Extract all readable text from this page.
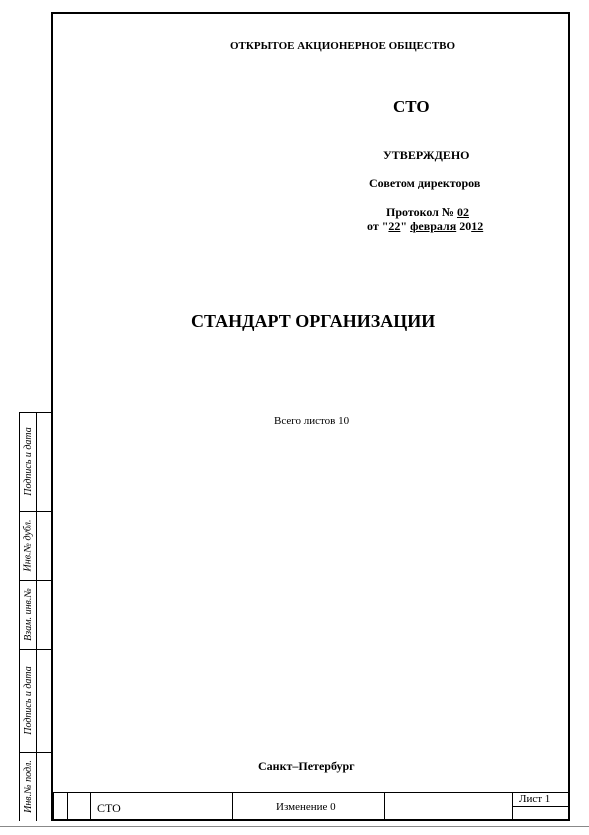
ОТКРЫТОЕ АКЦИОНЕРНОЕ ОБЩЕСТВО
СТО
УТВЕРЖДЕНО
Советом директоров
Протокол № 02
от "22" февраля 2012
СТАНДАРТ ОРГАНИЗАЦИИ
Всего листов 10
Санкт–Петербург
Подпись и дата
Инв.№ дубл.
Взам. инв.№
Подпись и дата
Инв.№ подл.	СТО	Изменение 0
Лист 1
